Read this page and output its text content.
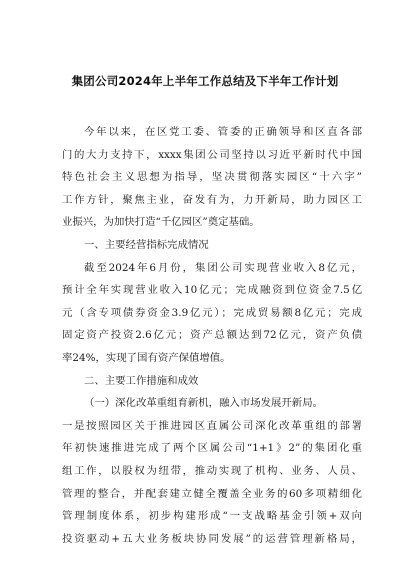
集团公司2024年上半年工作总结及下半年工作计划
今年以来，在区党工委、管委的正确领导和区直各部
门的大力支持下，xxxx集团公司坚持以习近平新时代中国
特色社会主义思想为指导，坚决贯彻落实园区“十六字”
工作方针，聚焦主业，奋发有为，力开新局，助力园区工
业振兴，为加快打造“千亿园区”奠定基础。
一、主要经营指标完成情况
截至2024年6月份，集团公司实现营业收入8亿元，
预计全年实现营业收入10亿元；完成融资到位资金7.5亿
元（含专项债券资金3.9亿元）；完成贸易额8亿元；完成
固定资产投资2.6亿元；资产总额达到72亿元，资产负债
率24%，实现了国有资产保值增值。
二、主要工作措施和成效
（一）深化改革重组育新机，融入市场发展开新局。
一是按照园区关于推进园区直属公司深化改革重组的部署
年初快速推进完成了两个区属公司“1+1》2”的集团化重
组工作，以股权为纽带，推动实现了机构、业务、人员、
管理的整合，并配套建立健全覆盖全业务的60多项精细化
管理制度体系，初步构建形成“一支战略基金引领+双向
投资驱动+五大业务板块协同发展”的运营管理新格局，
